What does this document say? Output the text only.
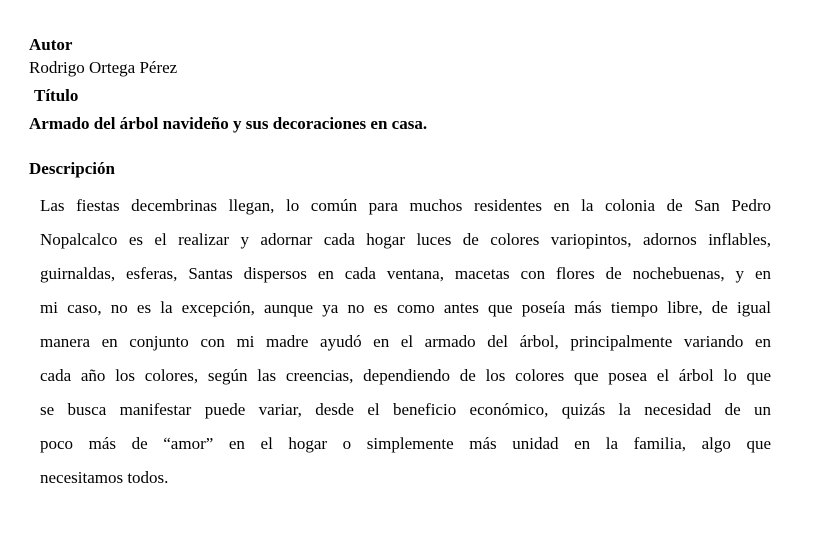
Autor
Rodrigo Ortega Pérez
Título
Armado del árbol navideño y sus decoraciones en casa.
Descripción
Las fiestas decembrinas llegan, lo común para muchos residentes en la colonia de San Pedro
Nopalcalco es el realizar y adornar cada hogar luces de colores variopintos, adornos inflables,
guirnaldas, esferas, Santas dispersos en cada ventana, macetas con flores de nochebuenas, y en
mi caso, no es la excepción, aunque ya no es como antes que poseía más tiempo libre, de igual
manera en conjunto con mi madre ayudó en el armado del árbol, principalmente variando en
cada año los colores, según las creencias, dependiendo de los colores que posea el árbol lo que
se busca manifestar puede variar, desde el beneficio económico, quizás la necesidad de un
poco más de “amor” en el hogar o simplemente más unidad en la familia, algo que
necesitamos todos.
